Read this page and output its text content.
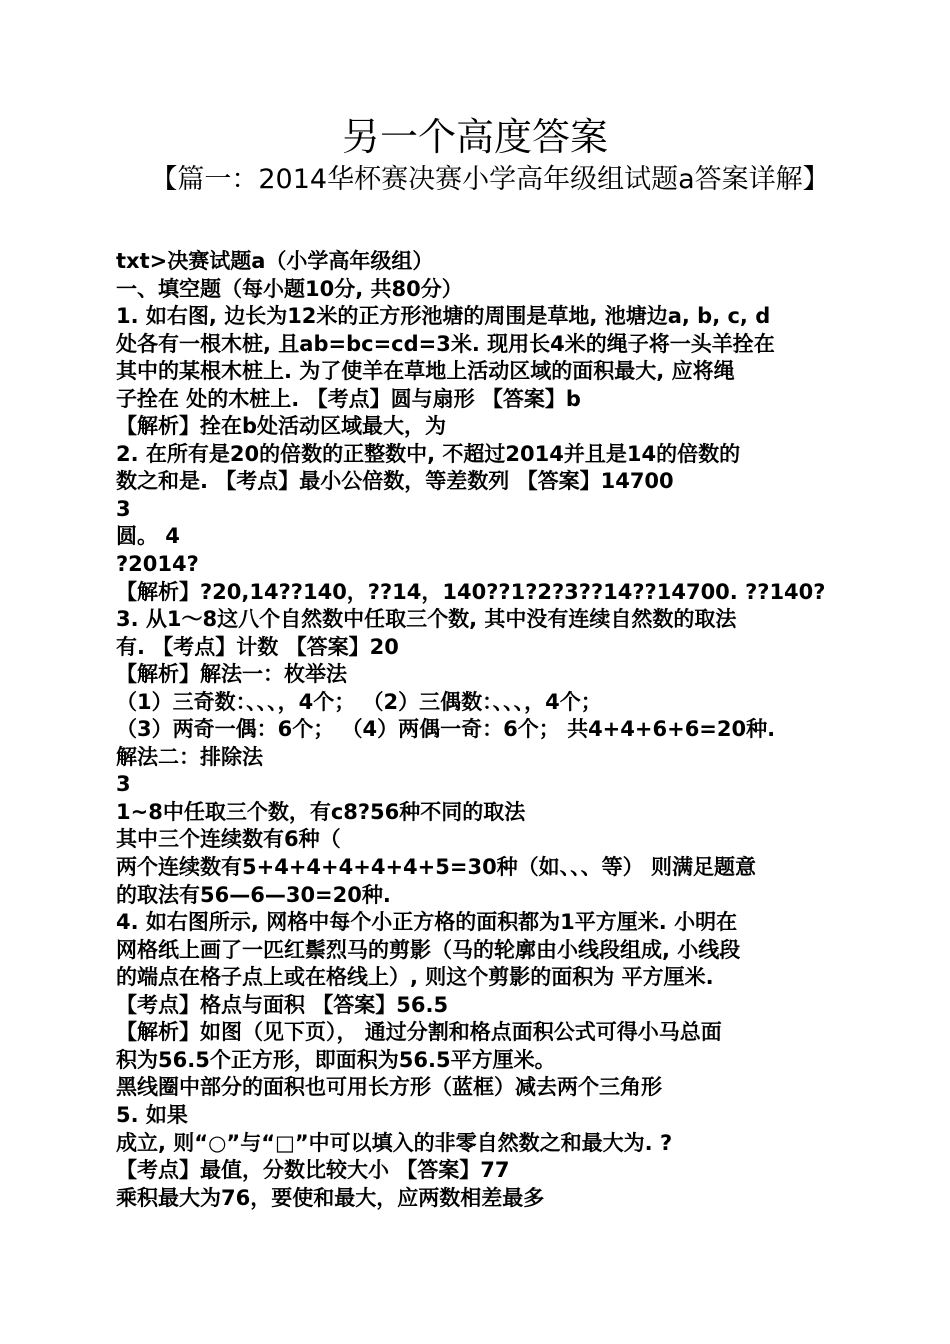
另一个高度答案
【篇一：2014华杯赛决赛小学高年级组试题a答案详解】
txt>决赛试题a（小学高年级组）
一、填空题（每小题10分, 共80分）
1. 如右图, 边长为12米的正方形池塘的周围是草地, 池塘边a, b, c, d
处各有一根木桩, 且ab=bc=cd=3米. 现用长4米的绳子将一头羊拴在
其中的某根木桩上. 为了使羊在草地上活动区域的面积最大, 应将绳
子拴在 处的木桩上. 【考点】圆与扇形 【答案】b
【解析】拴在b处活动区域最大，为
2. 在所有是20的倍数的正整数中, 不超过2014并且是14的倍数的
数之和是. 【考点】最小公倍数，等差数列 【答案】14700
3
圆。 4
?2014?
【解析】?20,14??140，??14，140??1?2?3??14??14700. ??140?
3. 从1～8这八个自然数中任取三个数, 其中没有连续自然数的取法
有. 【考点】计数 【答案】20
【解析】解法一：枚举法
（1）三奇数：、、、，4个； （2）三偶数：、、、，4个；
（3）两奇一偶：6个； （4）两偶一奇：6个； 共4+4+6+6=20种.
解法二：排除法
3
1~8中任取三个数，有c8?56种不同的取法
其中三个连续数有6种（
两个连续数有5+4+4+4+4+4+5=30种（如、、、等） 则满足题意
的取法有56—6—30=20种.
4. 如右图所示, 网格中每个小正方格的面积都为1平方厘米. 小明在
网格纸上画了一匹红鬃烈马的剪影（马的轮廓由小线段组成, 小线段
的端点在格子点上或在格线上）, 则这个剪影的面积为 平方厘米.
【考点】格点与面积 【答案】56.5
【解析】如图（见下页）， 通过分割和格点面积公式可得小马总面
积为56.5个正方形，即面积为56.5平方厘米。
黑线圈中部分的面积也可用长方形（蓝框）减去两个三角形
5. 如果
成立, 则“○”与“□”中可以填入的非零自然数之和最大为. ?
【考点】最值，分数比较大小 【答案】77
乘积最大为76，要使和最大，应两数相差最多
